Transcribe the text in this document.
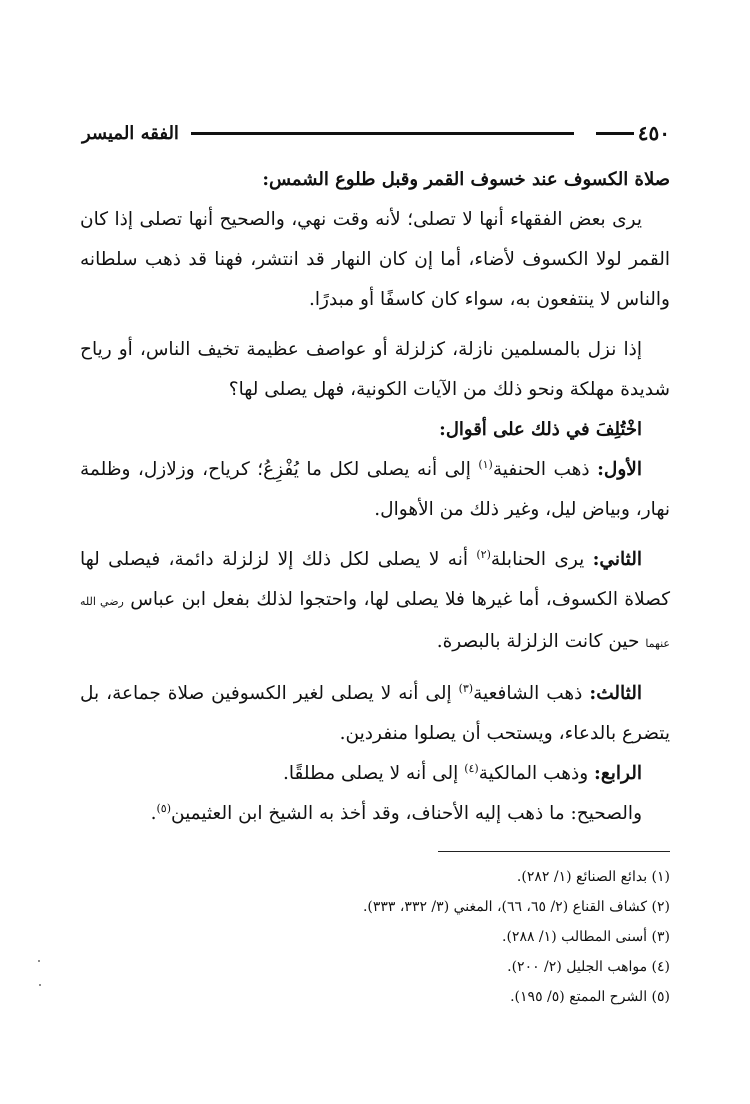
٤٥٠
الفقه الميسر

صلاة الكسوف عند خسوف القمر وقبل طلوع الشمس:

يرى بعض الفقهاء أنها لا تصلى؛ لأنه وقت نهي، والصحيح أنها تصلى إذا كان القمر لولا الكسوف لأضاء، أما إن كان النهار قد انتشر، فهنا قد ذهب سلطانه والناس لا ينتفعون به، سواء كان كاسفًا أو مبدرًا.

إذا نزل بالمسلمين نازلة، كزلزلة أو عواصف عظيمة تخيف الناس، أو رياح شديدة مهلكة ونحو ذلك من الآيات الكونية، فهل يصلى لها؟

اخْتُلِفَ في ذلك على أقوال:

الأول: ذهب الحنفية$^{(١)}$ إلى أنه يصلى لكل ما يُفْزِعُ؛ كرياح، وزلازل، وظلمة نهار، وبياض ليل، وغير ذلك من الأهوال.

الثاني: يرى الحنابلة$^{(٢)}$ أنه لا يصلى لكل ذلك إلا لزلزلة دائمة، فيصلى لها كصلاة الكسوف، أما غيرها فلا يصلى لها، واحتجوا لذلك بفعل ابن عباس رضي الله عنهما حين كانت الزلزلة بالبصرة.

الثالث: ذهب الشافعية$^{(٣)}$ إلى أنه لا يصلى لغير الكسوفين صلاة جماعة، بل يتضرع بالدعاء، ويستحب أن يصلوا منفردين.

الرابع: وذهب المالكية$^{(٤)}$ إلى أنه لا يصلى مطلقًا.

والصحيح: ما ذهب إليه الأحناف، وقد أخذ به الشيخ ابن العثيمين$^{(٥)}$.

(١) بدائع الصنائع (١/ ٢٨٢).
(٢) كشاف القناع (٢/ ٦٥، ٦٦)، المغني (٣/ ٣٣٢، ٣٣٣).
(٣) أسنى المطالب (١/ ٢٨٨).
(٤) مواهب الجليل (٢/ ٢٠٠).
(٥) الشرح الممتع (٥/ ١٩٥).
